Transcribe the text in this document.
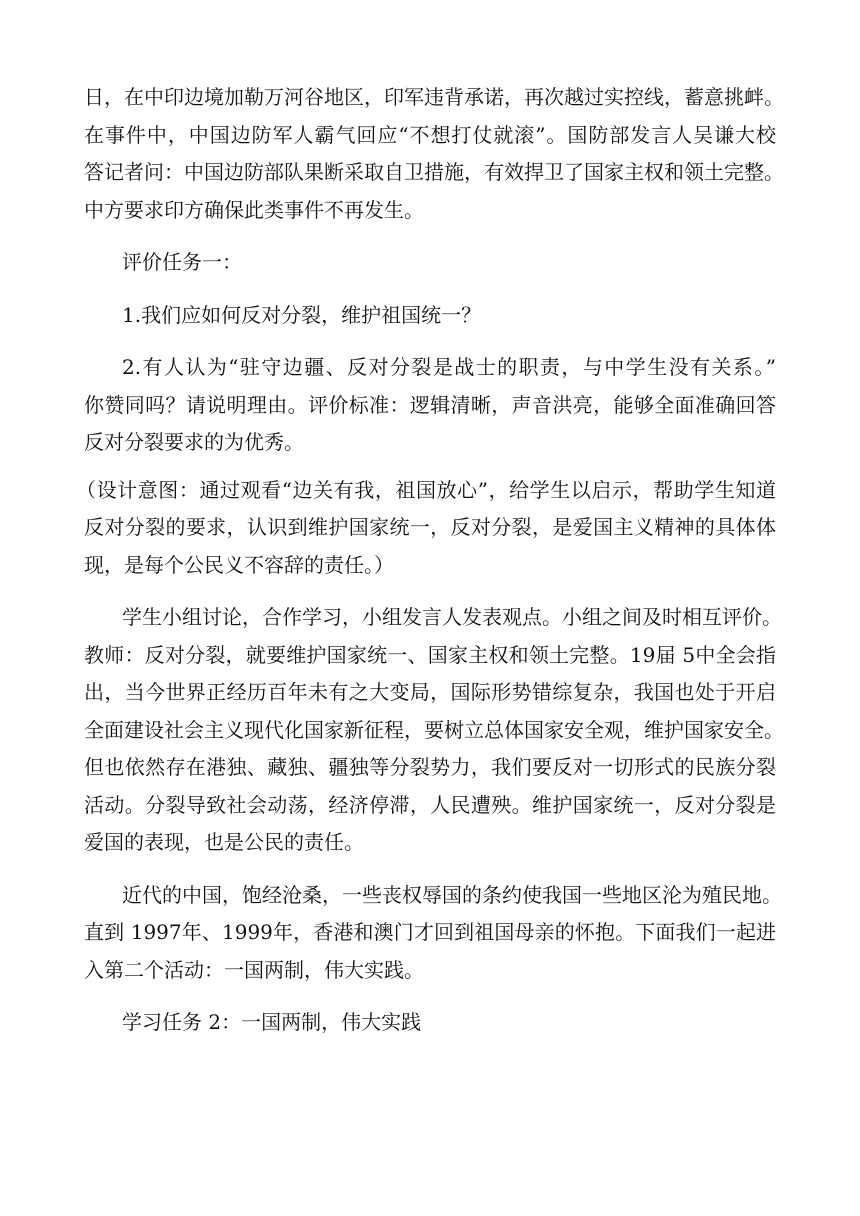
日，在中印边境加勒万河谷地区，印军违背承诺，再次越过实控线，蓄意挑衅。
在事件中，中国边防军人霸气回应“不想打仗就滚”。国防部发言人吴谦大校
答记者问：中国边防部队果断采取自卫措施，有效捍卫了国家主权和领土完整。
中方要求印方确保此类事件不再发生。

评价任务一：

1.我们应如何反对分裂，维护祖国统一？

2.有人认为“驻守边疆、反对分裂是战士的职责，与中学生没有关系。”
你赞同吗？请说明理由。评价标准：逻辑清晰，声音洪亮，能够全面准确回答
反对分裂要求的为优秀。

（设计意图：通过观看“边关有我，祖国放心”，给学生以启示，帮助学生知道
反对分裂的要求，认识到维护国家统一，反对分裂，是爱国主义精神的具体体
现，是每个公民义不容辞的责任。）

学生小组讨论，合作学习，小组发言人发表观点。小组之间及时相互评价。
教师：反对分裂，就要维护国家统一、国家主权和领土完整。19届 5中全会指
出，当今世界正经历百年未有之大变局，国际形势错综复杂，我国也处于开启
全面建设社会主义现代化国家新征程，要树立总体国家安全观，维护国家安全。
但也依然存在港独、藏独、疆独等分裂势力，我们要反对一切形式的民族分裂
活动。分裂导致社会动荡，经济停滞，人民遭殃。维护国家统一，反对分裂是
爱国的表现，也是公民的责任。

近代的中国，饱经沧桑，一些丧权辱国的条约使我国一些地区沦为殖民地。
直到 1997年、1999年，香港和澳门才回到祖国母亲的怀抱。下面我们一起进
入第二个活动：一国两制，伟大实践。

学习任务 2：一国两制，伟大实践
